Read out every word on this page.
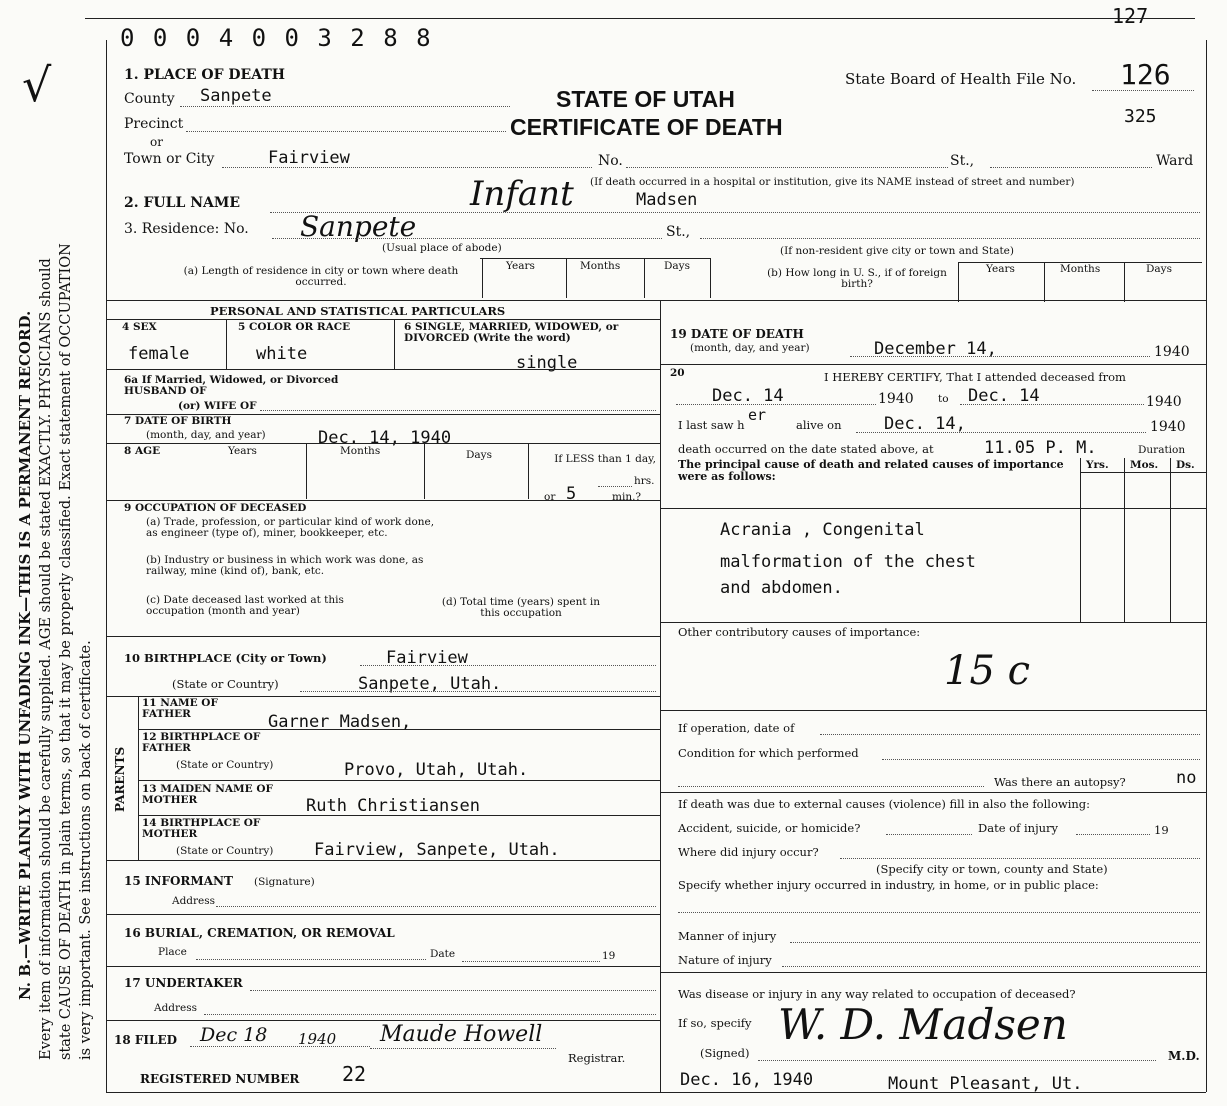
0 0 0 4 0 0 3 2 8 8
127
√
N. B.—WRITE PLAINLY WITH UNFADING INK—THIS IS A PERMANENT RECORD. Every item of information should be carefully supplied. AGE should be stated EXACTLY. PHYSICIANS should state CAUSE OF DEATH in plain terms, so that it may be properly classified. Exact statement of OCCUPATION is very important. See instructions on back of certificate.
1. PLACE OF DEATH
County Sanpete
Precinct
or
Town or City	Fairview	No.	St.,	Ward
(If death occurred in a hospital or institution, give its NAME instead of street and number)
STATE OF UTAH
CERTIFICATE OF DEATH
State Board of Health File No. 126
325
2. FULL NAME	Infant	Madsen
3. Residence: No. Sanpete	St.,
(Usual place of abode)	(If non-resident give city or town and State)
(a) Length of residence in city or town where death occurred.
Years	Months	Days
(b) How long in U. S., if of foreign birth?
Years	Months	Days
PERSONAL AND STATISTICAL PARTICULARS
4 SEX
female
5 COLOR OR RACE
white
6 SINGLE, MARRIED, WIDOWED, or DIVORCED (Write the word)
single
6a If Married, Widowed, or Divorced HUSBAND OF
(or) WIFE OF
7 DATE OF BIRTH
(month, day, and year)	Dec. 14, 1940
8 AGE	Years	Months	Days	If LESS than 1 day,
hrs.
or 5	min.?
9 OCCUPATION OF DECEASED
(a) Trade, profession, or particular kind of work done, as engineer (type of), miner, bookkeeper, etc.
(b) Industry or business in which work was done, as railway, mine (kind of), bank, etc.
(c) Date deceased last worked at this occupation (month and year)
(d) Total time (years) spent in this occupation
10 BIRTHPLACE (City or Town)	Fairview
(State or Country)	Sanpete, Utah.
PARENTS
11 NAME OF FATHER	Garner Madsen,
12 BIRTHPLACE OF FATHER
(State or Country)	Provo, Utah, Utah.
13 MAIDEN NAME OF MOTHER	Ruth Christiansen
14 BIRTHPLACE OF MOTHER
(State or Country) Fairview, Sanpete, Utah.
15 INFORMANT (Signature)
Address
16 BURIAL, CREMATION, OR REMOVAL
Place	Date	19
17 UNDERTAKER
Address
18 FILED Dec 18 1940 Maude Howell
Registrar.
REGISTERED NUMBER 22
19 DATE OF DEATH
(month, day, and year)	December 14,	1940
20	I HEREBY CERTIFY, That I attended deceased from
Dec. 14	1940 to Dec. 14	1940
I last saw h
er
alive on Dec. 14,	1940
death occurred on the date stated above, at	11.05 P. M.	Duration
The principal cause of death and related causes of importance were as follows:
Yrs. Mos. Ds.
Acrania , Congenital
malformation of the chest
and abdomen.
Other contributory causes of importance:
15 c
If operation, date of
Condition for which performed
Was there an autopsy?	no
If death was due to external causes (violence) fill in also the following:
Accident, suicide, or homicide?	Date of injury	19
Where did injury occur?
(Specify city or town, county and State)
Specify whether injury occurred in industry, in home, or in public place:
Manner of injury
Nature of injury
Was disease or injury in any way related to occupation of deceased?
If so, specify W. D. Madsen
(Signed)	M.D.
Dec. 16, 1940	Mount Pleasant, Ut.
